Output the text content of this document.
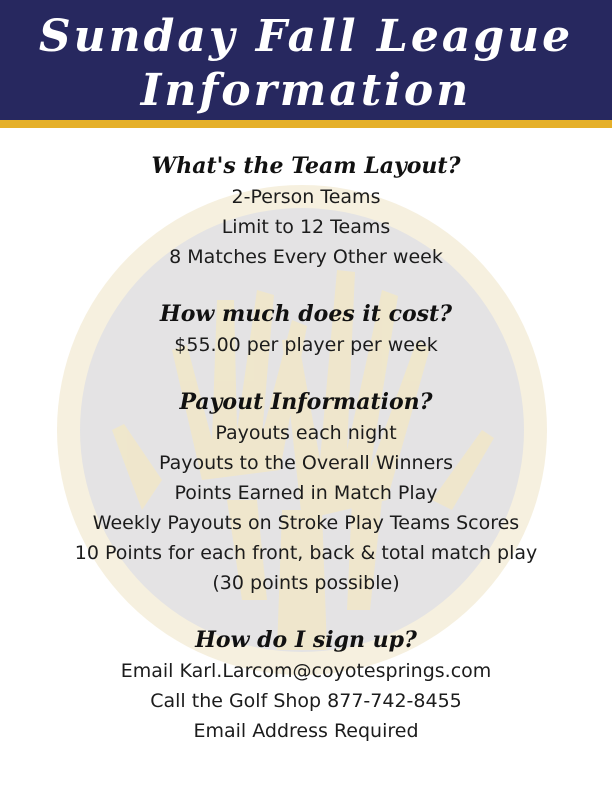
Sunday Fall League
Information
What's the Team Layout?
2-Person Teams
Limit to 12 Teams
8 Matches Every Other week
How much does it cost?
$55.00 per player per week
Payout Information?
Payouts each night
Payouts to the Overall Winners
Points Earned in Match Play
Weekly Payouts on Stroke Play Teams Scores
10 Points for each front, back & total match play
(30 points possible)
How do I sign up?
Email Karl.Larcom@coyotesprings.com
Call the Golf Shop 877-742-8455
Email Address Required
